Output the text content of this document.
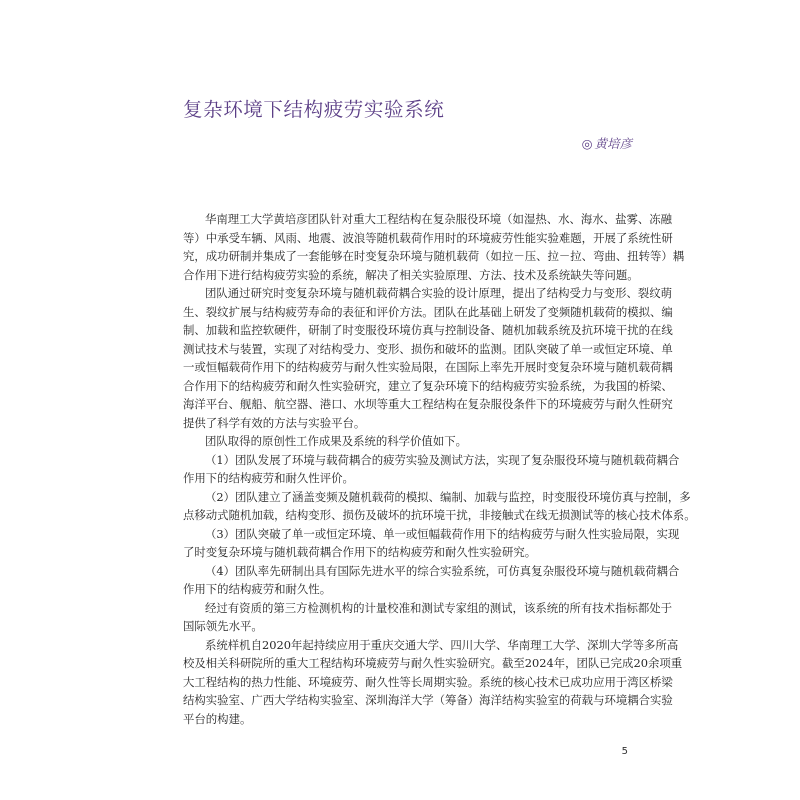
复杂环境下结构疲劳实验系统
◎ 黄培彦
华南理工大学黄培彦团队针对重大工程结构在复杂服役环境（如湿热、水、海水、盐雾、冻融
等）中承受车辆、风雨、地震、波浪等随机载荷作用时的环境疲劳性能实验难题，开展了系统性研
究，成功研制并集成了一套能够在时变复杂环境与随机载荷（如拉－压、拉－拉、弯曲、扭转等）耦
合作用下进行结构疲劳实验的系统，解决了相关实验原理、方法、技术及系统缺失等问题。
团队通过研究时变复杂环境与随机载荷耦合实验的设计原理，提出了结构受力与变形、裂纹萌
生、裂纹扩展与结构疲劳寿命的表征和评价方法。团队在此基础上研发了变频随机载荷的模拟、编
制、加载和监控软硬件，研制了时变服役环境仿真与控制设备、随机加载系统及抗环境干扰的在线
测试技术与装置，实现了对结构受力、变形、损伤和破坏的监测。团队突破了单一或恒定环境、单
一或恒幅载荷作用下的结构疲劳与耐久性实验局限，在国际上率先开展时变复杂环境与随机载荷耦
合作用下的结构疲劳和耐久性实验研究，建立了复杂环境下的结构疲劳实验系统，为我国的桥梁、
海洋平台、舰船、航空器、港口、水坝等重大工程结构在复杂服役条件下的环境疲劳与耐久性研究
提供了科学有效的方法与实验平台。
团队取得的原创性工作成果及系统的科学价值如下。
（1）团队发展了环境与载荷耦合的疲劳实验及测试方法，实现了复杂服役环境与随机载荷耦合
作用下的结构疲劳和耐久性评价。
（2）团队建立了涵盖变频及随机载荷的模拟、编制、加载与监控，时变服役环境仿真与控制，多
点移动式随机加载，结构变形、损伤及破坏的抗环境干扰，非接触式在线无损测试等的核心技术体系。
（3）团队突破了单一或恒定环境、单一或恒幅载荷作用下的结构疲劳与耐久性实验局限，实现
了时变复杂环境与随机载荷耦合作用下的结构疲劳和耐久性实验研究。
（4）团队率先研制出具有国际先进水平的综合实验系统，可仿真复杂服役环境与随机载荷耦合
作用下的结构疲劳和耐久性。
经过有资质的第三方检测机构的计量校准和测试专家组的测试，该系统的所有技术指标都处于
国际领先水平。
系统样机自2020年起持续应用于重庆交通大学、四川大学、华南理工大学、深圳大学等多所高
校及相关科研院所的重大工程结构环境疲劳与耐久性实验研究。截至2024年，团队已完成20余项重
大工程结构的热力性能、环境疲劳、耐久性等长周期实验。系统的核心技术已成功应用于湾区桥梁
结构实验室、广西大学结构实验室、深圳海洋大学（筹备）海洋结构实验室的荷载与环境耦合实验
平台的构建。
5
